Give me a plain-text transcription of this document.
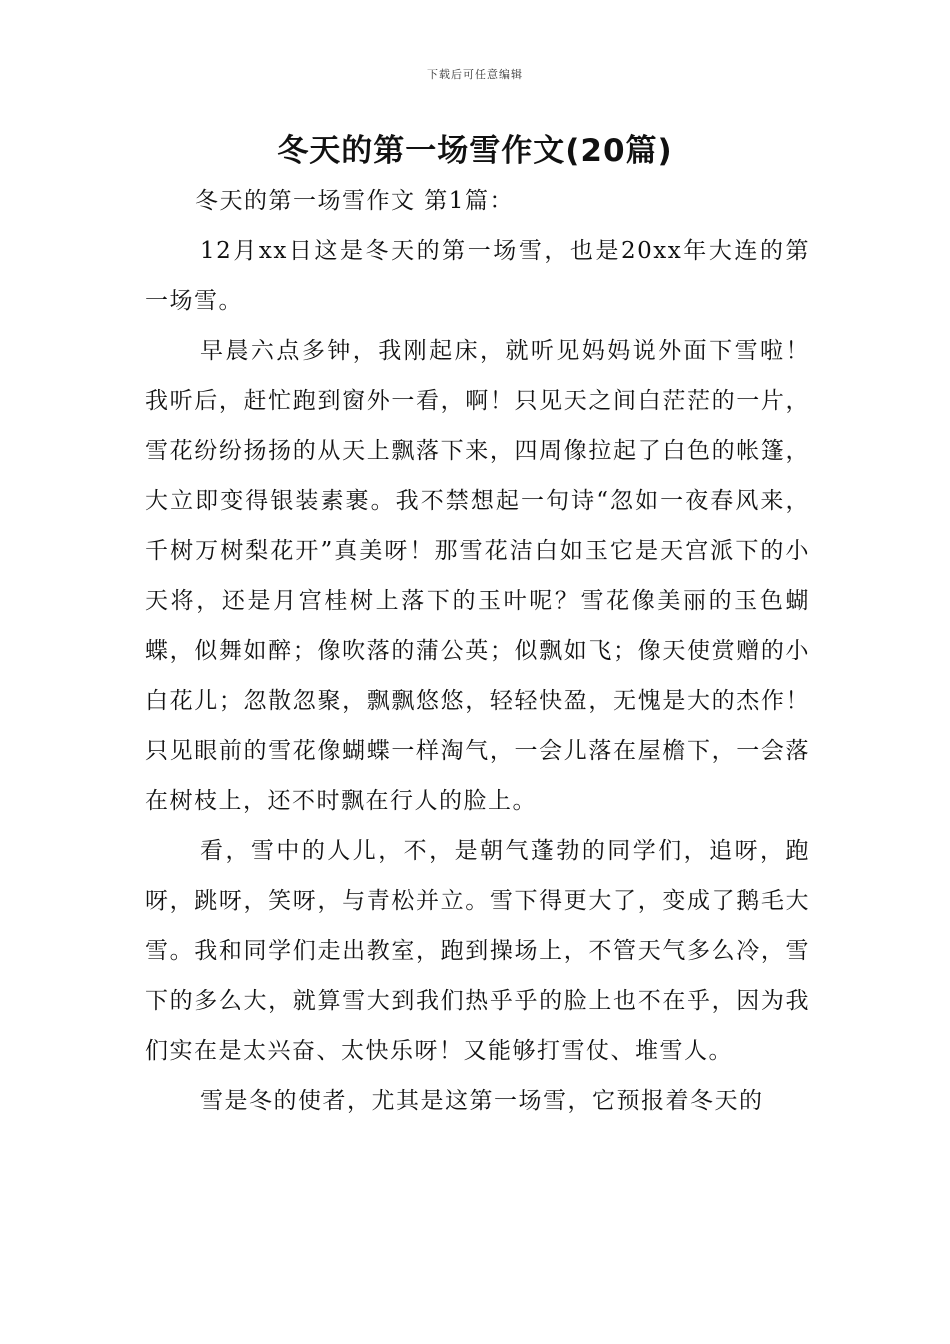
下载后可任意编辑
冬天的第一场雪作文(20篇)

冬天的第一场雪作文 第1篇：

12月xx日这是冬天的第一场雪，也是20xx年大连的第一场雪。

早晨六点多钟，我刚起床，就听见妈妈说外面下雪啦！我听后，赶忙跑到窗外一看，啊！只见天之间白茫茫的一片，雪花纷纷扬扬的从天上飘落下来，四周像拉起了白色的帐篷，大立即变得银装素裹。我不禁想起一句诗“忽如一夜春风来，千树万树梨花开”真美呀！那雪花洁白如玉它是天宫派下的小天将，还是月宫桂树上落下的玉叶呢？雪花像美丽的玉色蝴蝶，似舞如醉；像吹落的蒲公英；似飘如飞；像天使赏赠的小白花儿；忽散忽聚，飘飘悠悠，轻轻快盈，无愧是大的杰作！只见眼前的雪花像蝴蝶一样淘气，一会儿落在屋檐下，一会落在树枝上，还不时飘在行人的脸上。

看，雪中的人儿，不，是朝气蓬勃的同学们，追呀，跑呀，跳呀，笑呀，与青松并立。雪下得更大了，变成了鹅毛大雪。我和同学们走出教室，跑到操场上，不管天气多么冷，雪下的多么大，就算雪大到我们热乎乎的脸上也不在乎，因为我们实在是太兴奋、太快乐呀！又能够打雪仗、堆雪人。

雪是冬的使者，尤其是这第一场雪，它预报着冬天的
